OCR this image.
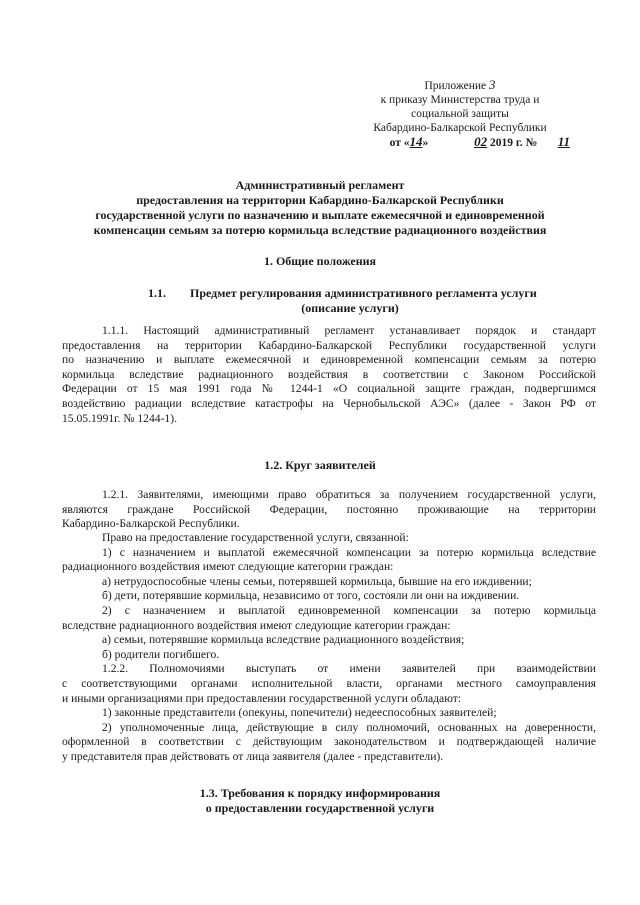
Приложение 3
к приказу Министерства труда и
социальной защиты
Кабардино-Балкарской Республики
от «14»	02 2019 г. № 11
Административный регламент
предоставления на территории Кабардино-Балкарской Республики
государственной услуги по назначению и выплате ежемесячной и единовременной
компенсации семьям за потерю кормильца вследствие радиационного воздействия
1. Общие положения
1.1. Предмет регулирования административного регламента услуги
(описание услуги)
1.1.1. Настоящий административный регламент устанавливает порядок и стандарт
предоставления на территории Кабардино-Балкарской Республики государственной услуги
по назначению и выплате ежемесячной и единовременной компенсации семьям за потерю
кормильца вследствие радиационного воздействия в соответствии с Законом Российской
Федерации от 15 мая 1991 года № 1244-1 «О социальной защите граждан, подвергшимся
воздействию радиации вследствие катастрофы на Чернобыльской АЭС» (далее - Закон РФ от
15.05.1991г. № 1244-1).
1.2. Круг заявителей
1.2.1. Заявителями, имеющими право обратиться за получением государственной услуги,
являются граждане Российской Федерации, постоянно проживающие на территории
Кабардино-Балкарской Республики.
Право на предоставление государственной услуги, связанной:
1) с назначением и выплатой ежемесячной компенсации за потерю кормильца вследствие
радиационного воздействия имеют следующие категории граждан:
а) нетрудоспособные члены семьи, потерявшей кормильца, бывшие на его иждивении;
б) дети, потерявшие кормильца, независимо от того, состояли ли они на иждивении.
2) с назначением и выплатой единовременной компенсации за потерю кормильца
вследствие радиационного воздействия имеют следующие категории граждан:
а) семьи, потерявшие кормильца вследствие радиационного воздействия;
б) родители погибшего.
1.2.2. Полномочиями выступать от имени заявителей при взаимодействии
с соответствующими органами исполнительной власти, органами местного самоуправления
и иными организациями при предоставлении государственной услуги обладают:
1) законные представители (опекуны, попечители) недееспособных заявителей;
2) уполномоченные лица, действующие в силу полномочий, основанных на доверенности,
оформленной в соответствии с действующим законодательством и подтверждающей наличие
у представителя прав действовать от лица заявителя (далее - представители).
1.3. Требования к порядку информирования
о предоставлении государственной услуги
